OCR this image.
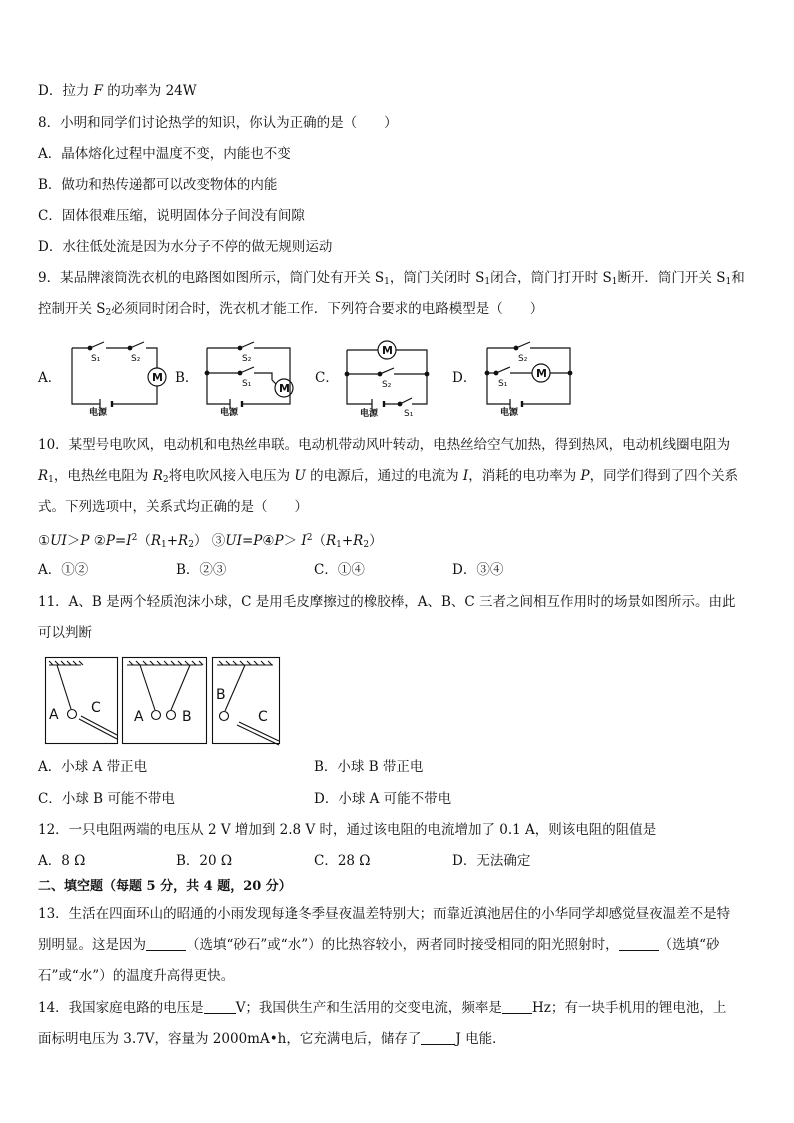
D．拉力 F 的功率为 24W
8．小明和同学们讨论热学的知识，你认为正确的是（　　）
A．晶体熔化过程中温度不变，内能也不变
B．做功和热传递都可以改变物体的内能
C．固体很难压缩，说明固体分子间没有间隙
D．水往低处流是因为水分子不停的做无规则运动
9．某品牌滚筒洗衣机的电路图如图所示，筒门处有开关 $S_1$，筒门关闭时 $S_1$闭合，筒门打开时 $S_1$断开．筒门开关 $S_1$和
控制开关 $S_2$必须同时闭合时，洗衣机才能工作．下列符合要求的电路模型是（　　）
A．	B．	C．	D．
S₁	S₂
M
电源
S₂
S₁	M
电源
M
S₂
电源	S₁
S₂
S₁
M
电源
10．某型号电吹风，电动机和电热丝串联。电动机带动风叶转动，电热丝给空气加热，得到热风，电动机线圈电阻为
$R_1$，电热丝电阻为 $R_2$将电吹风接入电压为 U 的电源后，通过的电流为 I，消耗的电功率为 P，同学们得到了四个关系
式。下列选项中，关系式均正确的是（　　）
①UI＞P $②P=I^2(R_1+R_2)$ ③UI=P④P＞ $I^2(R_1+R_2)$
A．①②	B．②③	C．①④	D．③④
11．A、B 是两个轻质泡沫小球，C 是用毛皮摩擦过的橡胶棒，A、B、C 三者之间相互作用时的场景如图所示。由此
可以判断
A C
A	B
B
C
A．小球 A 带正电	B．小球 B 带正电
C．小球 B 可能不带电	D．小球 A 可能不带电
12．一只电阻两端的电压从 2 V 增加到 2.8 V 时，通过该电阻的电流增加了 0.1 A，则该电阻的阻值是
A．8 Ω	B．20 Ω	C．28 Ω	D．无法确定
二、填空题（每题 5 分，共 4 题，20 分）
13．生活在四面环山的昭通的小雨发现每逢冬季昼夜温差特别大；而靠近滇池居住的小华同学却感觉昼夜温差不是特
别明显。这是因为	（选填“砂石”或“水”）的比热容较小，两者同时接受相同的阳光照射时，	（选填“砂
石”或“水”）的温度升高得更快。
14．我国家庭电路的电压是 V；我国供生产和生活用的交变电流，频率是 Hz；有一块手机用的锂电池，上
面标明电压为 3.7V，容量为 2000mA•h，它充满电后，储存了	J 电能．
